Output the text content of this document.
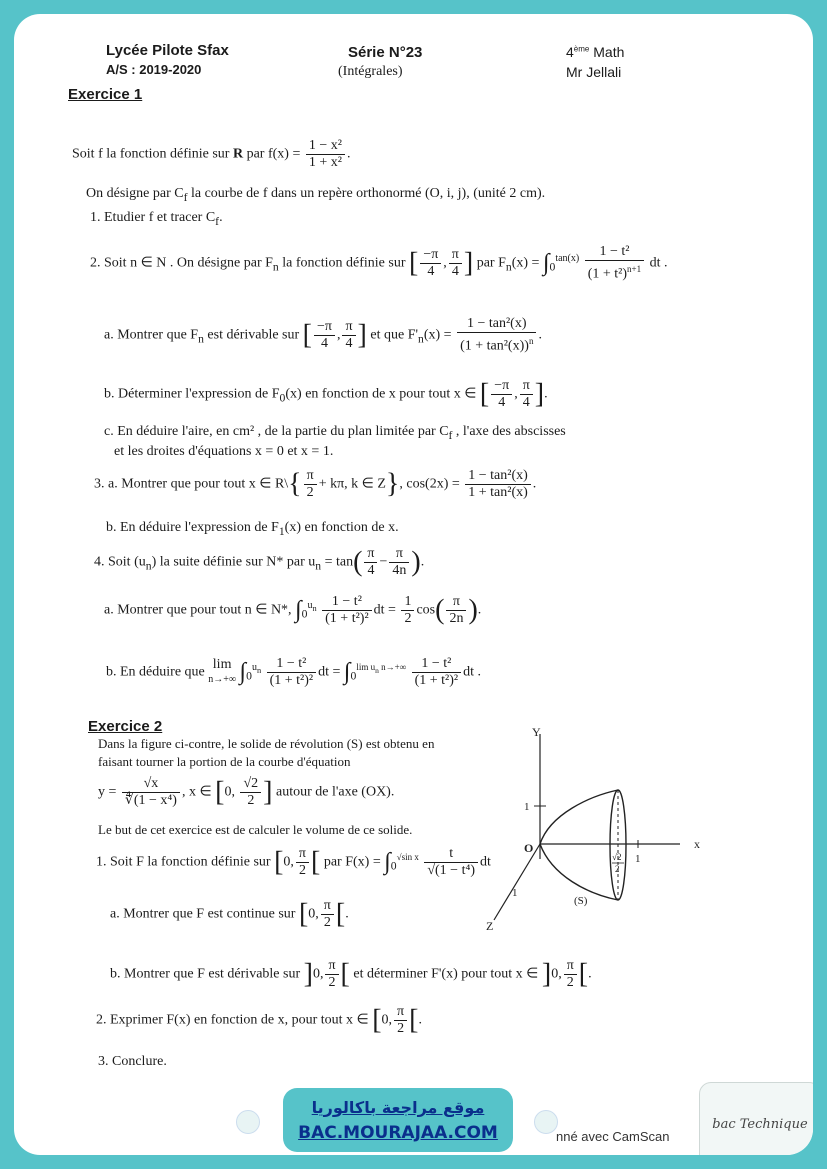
Lycée Pilote Sfax
A/S : 2019-2020
Série N°23
(Intégrales)
4ème Math
Mr Jellali
Exercice 1
Soit f la fonction définie sur R par $f(x) = \frac{\text{1 − x²}}{\text{1 + x²}}$ .
On désigne par $C_f$ la courbe de f dans un repère orthonormé (O, i, j), (unité 2 cm).
1. Etudier f et tracer $C_f$.
2. Soit n ∈ N . On désigne par $F_n$ la fonction définie sur [ $\frac{-\pi}{4}$ , $\frac{\pi}{4}$ ] par $F_n(x) = \int_0^{tan(x)} \frac{\text{1 − t²}}{(1 + t^2)^{n+1}}$ dt .
a. Montrer que $F_n$ est dérivable sur [ $\frac{-\pi}{4}$ , $\frac{\pi}{4}$ ] et que $F'_n(x) = \frac{\text{1 − tan²(x)}}{(1 + \tan^2(x))^n}$ .
b. Déterminer l'expression de $F_0(x)$ en fonction de x pour tout x ∈ [ $\frac{-\pi}{4}$ , $\frac{\pi}{4}$ ].
c. En déduire l'aire, en cm² , de la partie du plan limitée par $C_f$ , l'axe des abscisses
et les droites d'équations x = 0 et x = 1.
3. a. Montrer que pour tout x ∈ R\{ $\frac{\pi}{2} + k\pi$, k ∈ Z}, $\cos(2x) = \frac{\text{1 − tan²(x)}}{\text{1 + tan²(x)}}$ .
b. En déduire l'expression de $F_1(x)$ en fonction de x.
4. Soit $(u_n)$ la suite définie sur N* par $u_n = \tan( \frac{\pi}{4} - \frac{\pi}{4n}$ ).
a. Montrer que pour tout n ∈ N*, $\int_0^{u_n} \frac{\text{1 − t²}}{\text{(1 + t²)²}}$ dt = $\frac{1}{2} \cos( \frac{\pi}{2n}$ ).
b. En déduire que lim
n→+∞ $\int_0^{u_n} \frac{\text{1 − t²}}{\text{(1 + t²)²}}$ dt = $\int_0^{lim u_n n\to+\infty} \frac{\text{1 − t²}}{\text{(1 + t²)²}}$ dt .
Exercice 2
Dans la figure ci-contre, le solide de révolution (S) est obtenu en
faisant tourner la portion de la courbe d'équation
$y = \frac{√x}{\text{∜(1 − x⁴)}}$ , x ∈ [0, $\frac{√2}{2}$ ] autour de l'axe (OX).
Le but de cet exercice est de calculer le volume de ce solide.
1. Soit F la fonction définie sur [0, $\frac{\pi}{2}$ [ par $F(x) = \int_0^{√sin x} \frac{t}{\text{√(1 − t⁴)}}$ dt
a. Montrer que F est continue sur [0, $\frac{\pi}{2}$ [.
b. Montrer que F est dérivable sur ]0, $\frac{\pi}{2}$ [ et déterminer F'(x) pour tout x ∈ ]0, $\frac{\pi}{2}$ [.
2. Exprimer F(x) en fonction de x, pour tout x ∈ [0, $\frac{\pi}{2}$ [.
3. Conclure.
Y
x
Z
O
1
1
1
√2
2
(S)
nné avec CamScan
bac Technique
موقع مراجعة باكالوريا
BAC.MOURAJAA.COM
